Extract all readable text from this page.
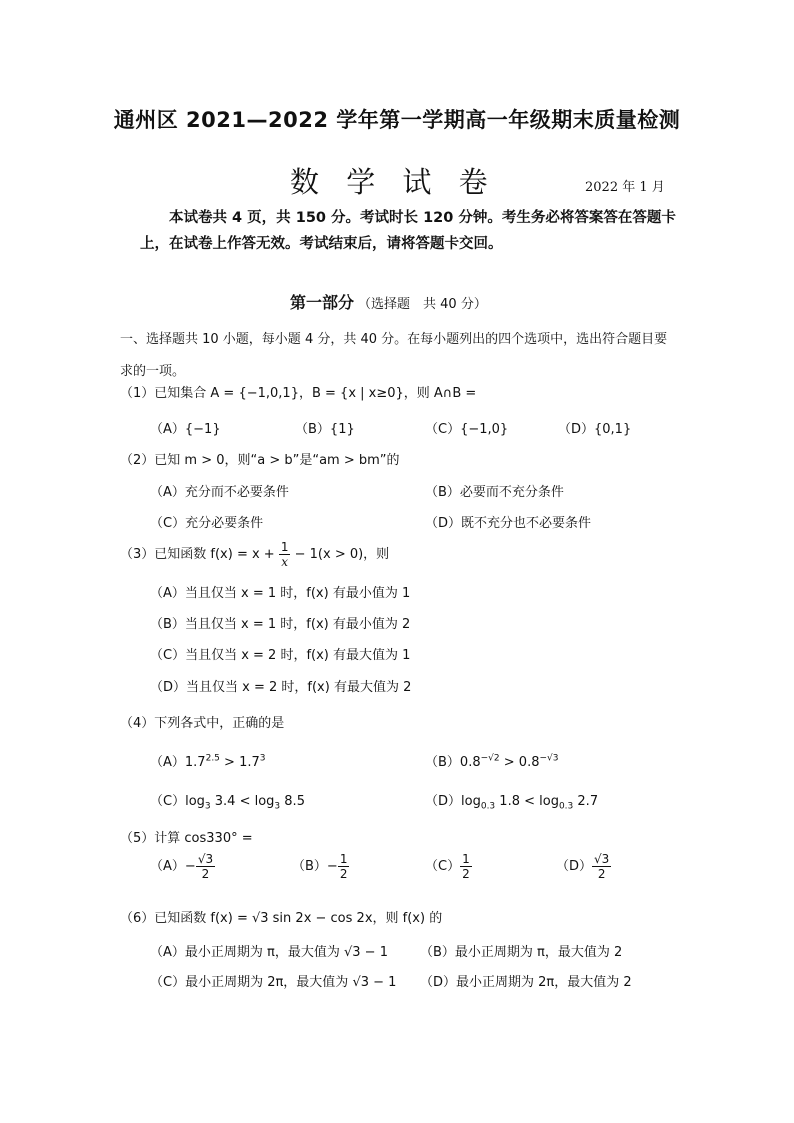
通州区 2021—2022 学年第一学期高一年级期末质量检测
数 学 试 卷	2022 年 1 月

本试卷共 4 页，共 150 分。考试时长 120 分钟。考生务必将答案答在答题卡上，在试卷上作答无效。考试结束后，请将答题卡交回。

第一部分 （选择题　共 40 分）

一、选择题共 10 小题，每小题 4 分，共 40 分。在每小题列出的四个选项中，选出符合题目要求的一项。

（1）已知集合 A = {−1,0,1}，B = {x | x≥0}，则 A∩B =
（A）{−1}	（B）{1}	（C）{−1,0}	（D）{0,1}
（2）已知 m > 0，则“a > b”是“am > bm”的
（A）充分而不必要条件	（B）必要而不充分条件
（C）充分必要条件	（D）既不充分也不必要条件
（3）已知函数 $f(x) = x + \frac{1}{x} - 1(x > 0)$，则
（A）当且仅当 x = 1 时，f(x) 有最小值为 1
（B）当且仅当 x = 1 时，f(x) 有最小值为 2
（C）当且仅当 x = 2 时，f(x) 有最大值为 1
（D）当且仅当 x = 2 时，f(x) 有最大值为 2
（4）下列各式中，正确的是
$(A)1.7^{2.5} > 1.7^3$	$(B)0.8^{-√2} > 0.8^{-√3}$
$(C)\log_3$ $3.4 < \log_3 8.5$	$(D)\log_{0.3}$ $1.8 < \log_{0.3} 2.7$
（5）计算 cos330° =
$(A)- \frac{√3}{2}$	$(B)- \frac{1}{2}$	$(C) \frac{1}{2}$	$(D) \frac{√3}{2}$
（6）已知函数 f(x) = √3 sin 2x − cos 2x，则 f(x) 的
（A）最小正周期为 π，最大值为 √3 − 1 （B）最小正周期为 π，最大值为 2
（C）最小正周期为 2π，最大值为 √3 − 1 （D）最小正周期为 2π，最大值为 2
